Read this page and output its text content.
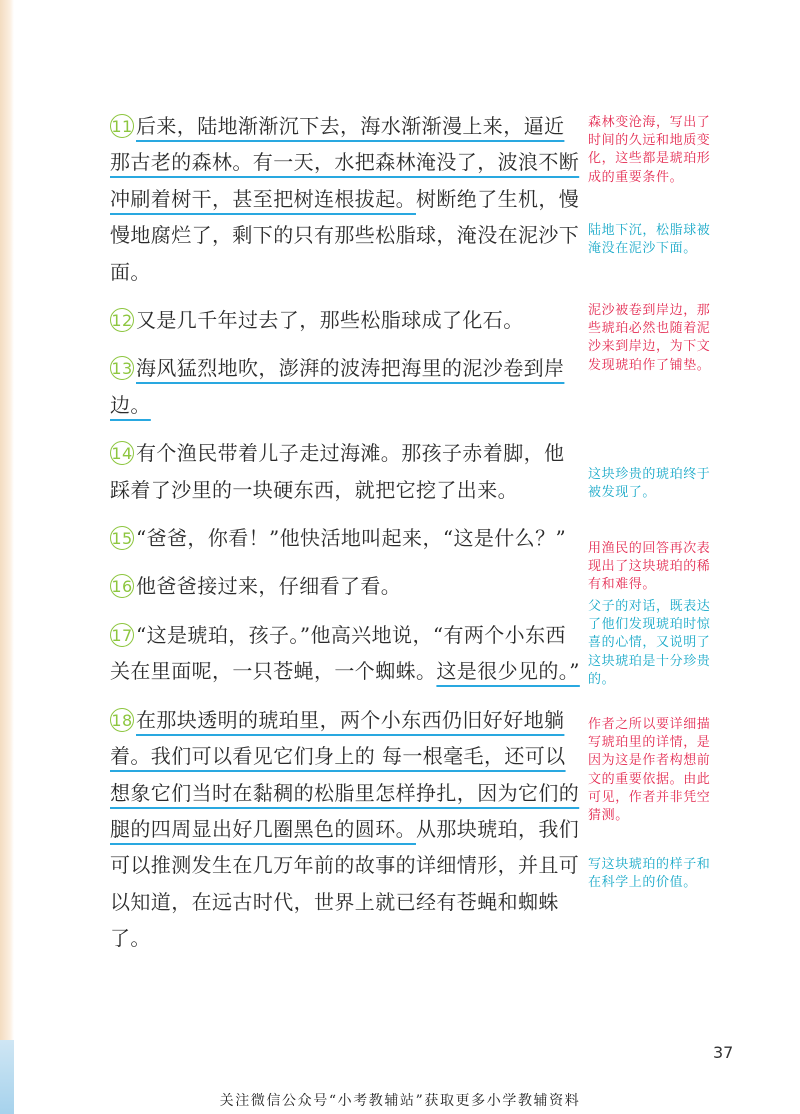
11 后来，陆地渐渐沉下去，海水渐渐漫上来，逼近那古老的森林。有一天，水把森林淹没了，波浪不断冲刷着树干，甚至把树连根拔起。树断绝了生机，慢慢地腐烂了，剩下的只有那些松脂球，淹没在泥沙下面。

12 又是几千年过去了，那些松脂球成了化石。

13 海风猛烈地吹，澎湃的波涛把海里的泥沙卷到岸边。

14 有个渔民带着儿子走过海滩。那孩子赤着脚，他踩着了沙里的一块硬东西，就把它挖了出来。

15 “爸爸，你看！”他快活地叫起来，“这是什么？”

16 他爸爸接过来，仔细看了看。

17 “这是琥珀，孩子。”他高兴地说，“有两个小东西关在里面呢，一只苍蝇，一个蜘蛛。这是很少见的。”

18 在那块透明的琥珀里，两个小东西仍旧好好地躺着。我们可以看见它们身上的 每一根毫毛，还可以想象它们当时在黏稠的松脂里怎样挣扎，因为它们的腿的四周显出好几圈黑色的圆环。从那块琥珀，我们可以推测发生在几万年前的故事的详细情形，并且可以知道，在远古时代，世界上就已经有苍蝇和蜘蛛了。

森林变沧海，写出了时间的久远和地质变化，这些都是琥珀形成的重要条件。

陆地下沉，松脂球被淹没在泥沙下面。

泥沙被卷到岸边，那些琥珀必然也随着泥沙来到岸边，为下文发现琥珀作了铺垫。

这块珍贵的琥珀终于被发现了。

用渔民的回答再次表现出了这块琥珀的稀有和难得。

父子的对话，既表达了他们发现琥珀时惊喜的心情，又说明了这块琥珀是十分珍贵的。

作者之所以要详细描写琥珀里的详情，是因为这是作者构想前文的重要依据。由此可见，作者并非凭空猜测。

写这块琥珀的样子和在科学上的价值。

37
关注微信公众号“小考教辅站”获取更多小学教辅资料
